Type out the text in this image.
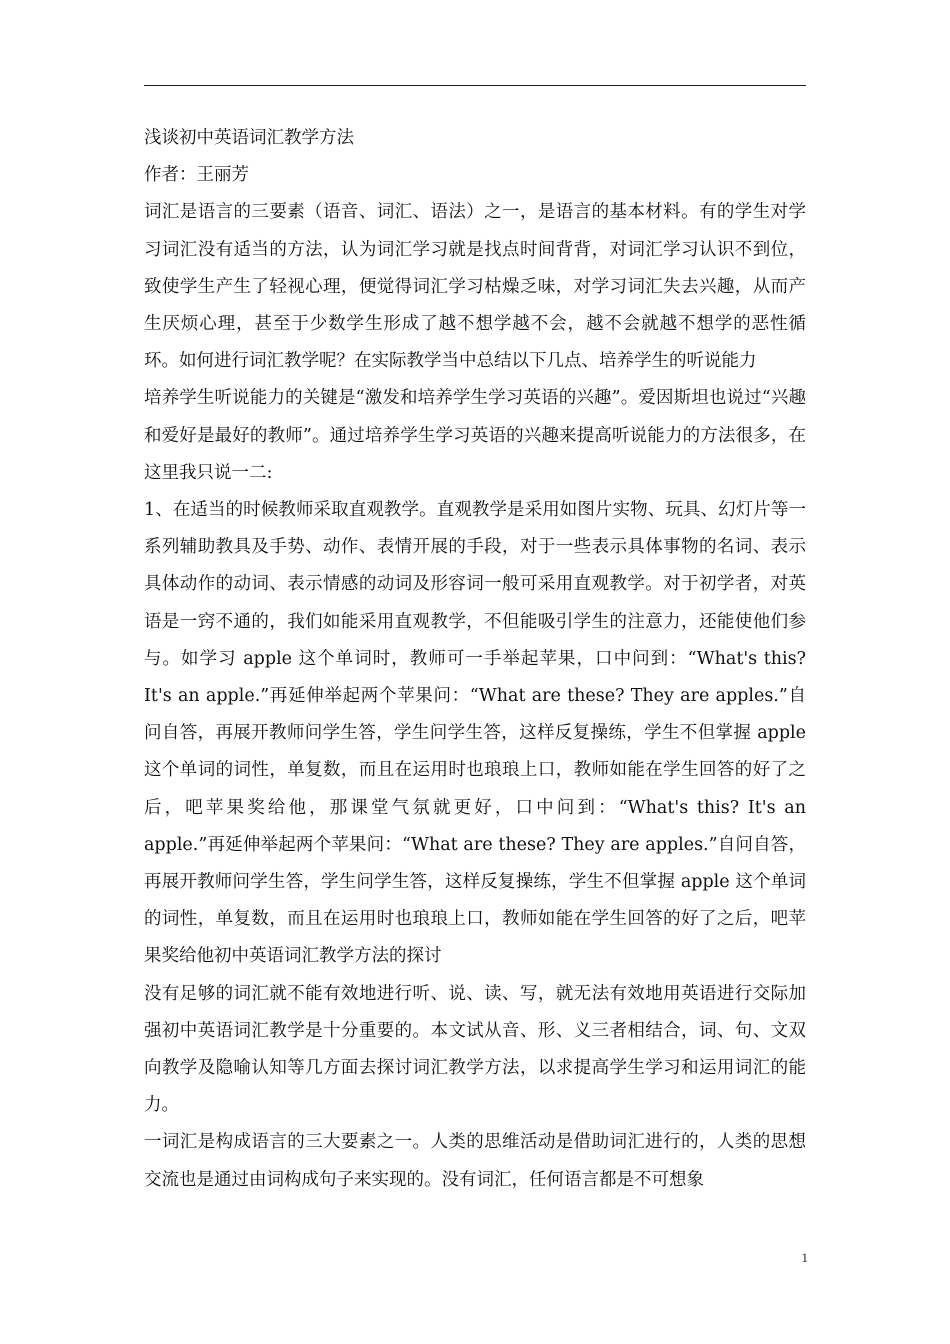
浅谈初中英语词汇教学方法

作者：王丽芳

词汇是语言的三要素（语音、词汇、语法）之一，是语言的基本材料。有的学生对学习词汇没有适当的方法，认为词汇学习就是找点时间背背，对词汇学习认识不到位，致使学生产生了轻视心理，便觉得词汇学习枯燥乏味，对学习词汇失去兴趣，从而产生厌烦心理，甚至于少数学生形成了越不想学越不会，越不会就越不想学的恶性循环。如何进行词汇教学呢？在实际教学当中总结以下几点、培养学生的听说能力

培养学生听说能力的关键是“激发和培养学生学习英语的兴趣”。爱因斯坦也说过“兴趣和爱好是最好的教师”。通过培养学生学习英语的兴趣来提高听说能力的方法很多，在这里我只说一二:

1、在适当的时候教师采取直观教学。直观教学是采用如图片实物、玩具、幻灯片等一系列辅助教具及手势、动作、表情开展的手段，对于一些表示具体事物的名词、表示具体动作的动词、表示情感的动词及形容词一般可采用直观教学。对于初学者，对英语是一窍不通的，我们如能采用直观教学，不但能吸引学生的注意力，还能使他们参与。如学习 apple 这个单词时，教师可一手举起苹果，口中问到：“What's this? It's an apple.”再延伸举起两个苹果问：“What are these? They are apples.”自问自答，再展开教师问学生答，学生问学生答，这样反复操练，学生不但掌握 apple 这个单词的词性，单复数，而且在运用时也琅琅上口，教师如能在学生回答的好了之后，吧苹果奖给他，那课堂气氛就更好，口中问到：“What's this? It's an apple.”再延伸举起两个苹果问：“What are these? They are apples.”自问自答，再展开教师问学生答，学生问学生答，这样反复操练，学生不但掌握 apple 这个单词的词性，单复数，而且在运用时也琅琅上口，教师如能在学生回答的好了之后，吧苹果奖给他初中英语词汇教学方法的探讨

没有足够的词汇就不能有效地进行听、说、读、写，就无法有效地用英语进行交际加强初中英语词汇教学是十分重要的。本文试从音、形、义三者相结合，词、句、文双向教学及隐喻认知等几方面去探讨词汇教学方法，以求提高学生学习和运用词汇的能力。

一词汇是构成语言的三大要素之一。人类的思维活动是借助词汇进行的，人类的思想交流也是通过由词构成句子来实现的。没有词汇，任何语言都是不可想象

1
